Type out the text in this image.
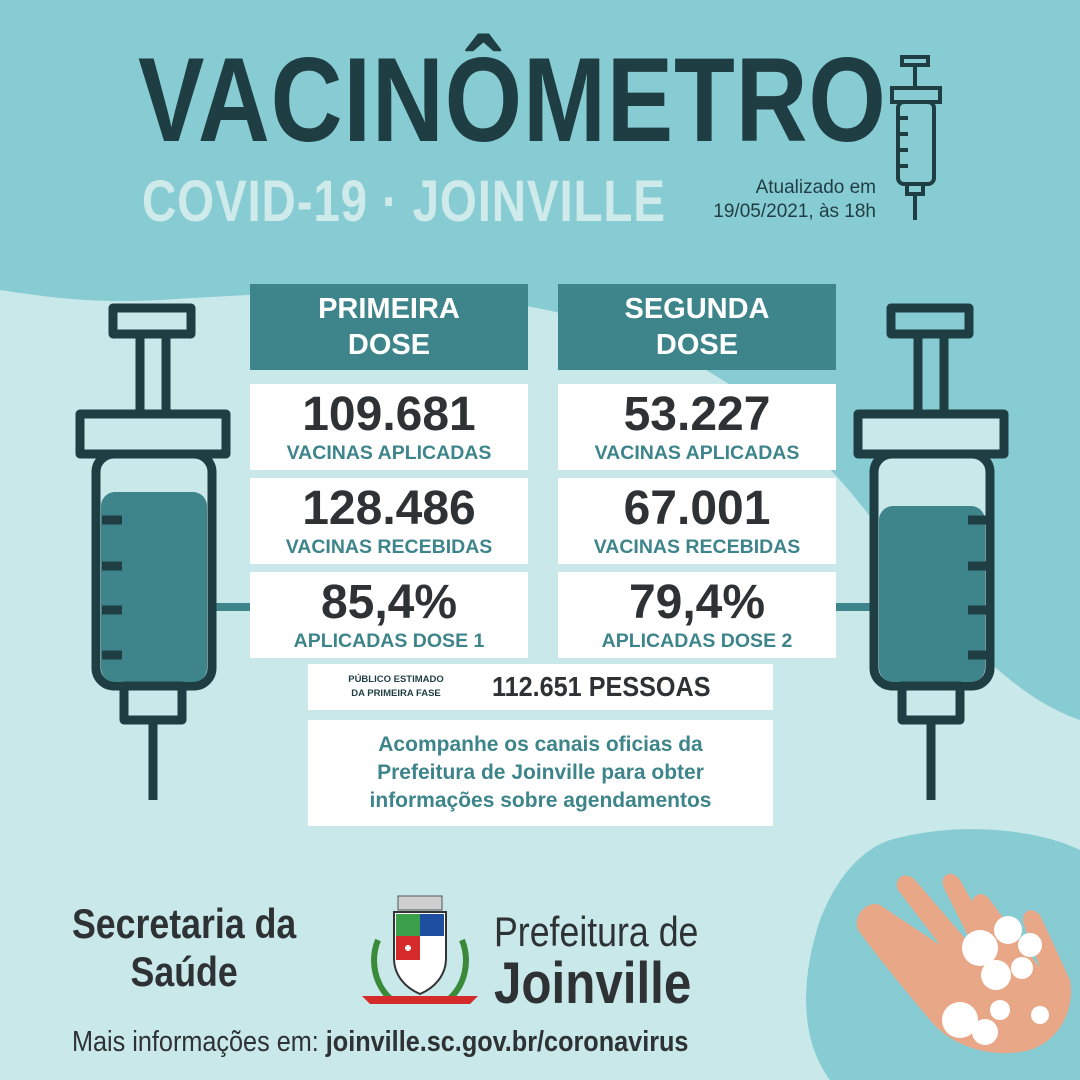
VACINÔMETRO
COVID-19 · JOINVILLE	Atualizado em
19/05/2021, às 18h
PRIMEIRA
DOSE
109.681
VACINAS APLICADAS
128.486
VACINAS RECEBIDAS
85,4%
APLICADAS DOSE 1
SEGUNDA
DOSE
53.227
VACINAS APLICADAS
67.001
VACINAS RECEBIDAS
79,4%
APLICADAS DOSE 2
PÚBLICO ESTIMADO
DA PRIMEIRA FASE	112.651 PESSOAS
Acompanhe os canais oficias da
Prefeitura de Joinville para obter
informações sobre agendamentos
Secretaria da
Saúde
Prefeitura de
Joinville
Mais informações em: joinville.sc.gov.br/coronavirus
